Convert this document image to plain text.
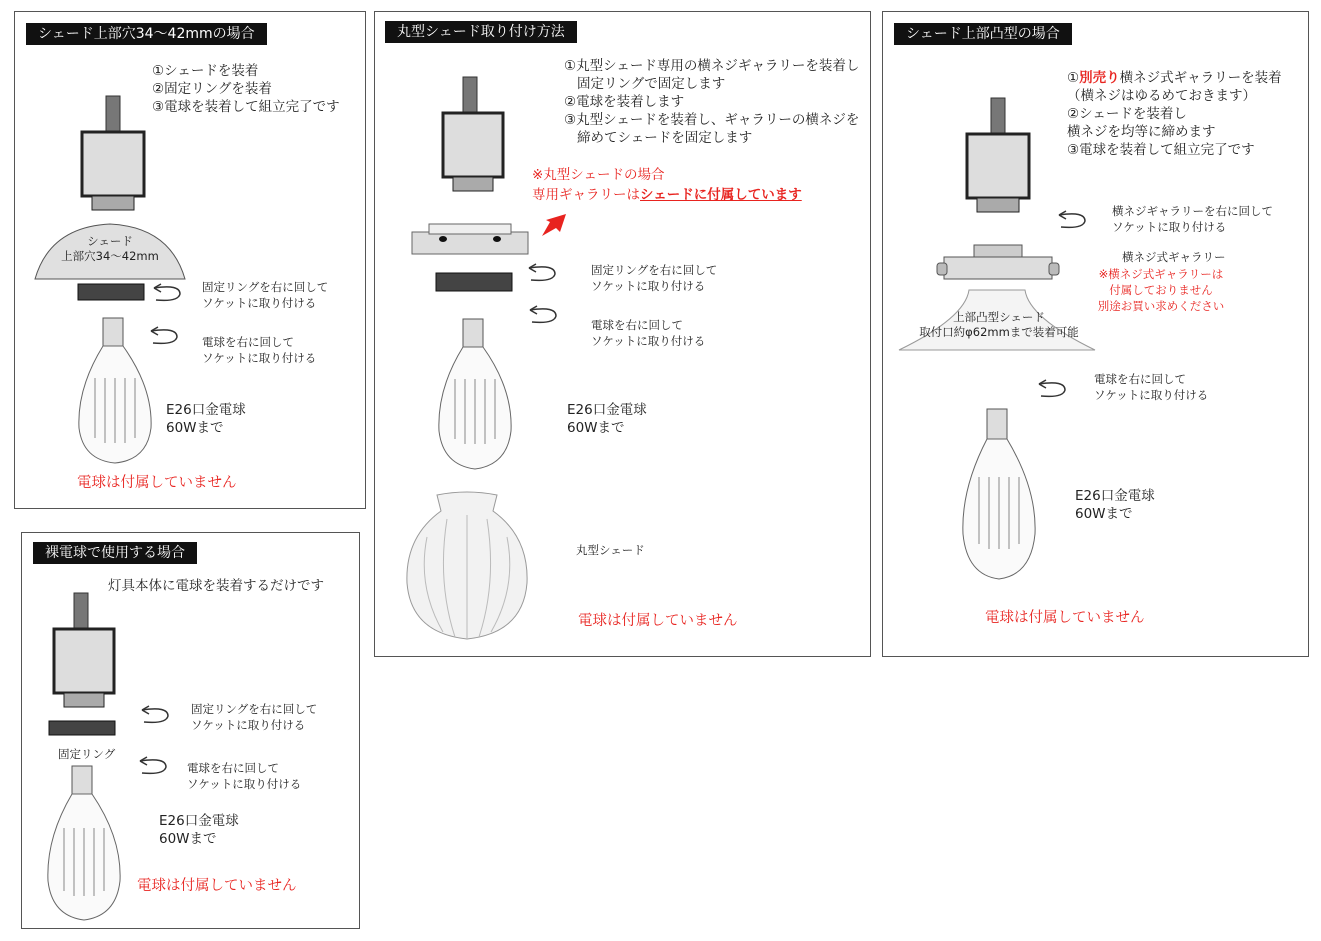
シェード上部穴34～42mmの場合
①シェードを装着
②固定リングを装着
③電球を装着して組立完了です
シェード
上部穴34～42mm
固定リングを右に回して
ソケットに取り付ける
電球を右に回して
ソケットに取り付ける
E26口金電球
60Wまで
電球は付属していません
丸型シェード取り付け方法
①丸型シェード専用の横ネジギャラリーを装着し
固定リングで固定します
②電球を装着します
③丸型シェードを装着し、ギャラリーの横ネジを
締めてシェードを固定します
※丸型シェードの場合
専用ギャラリーはシェードに付属しています
固定リングを右に回して
ソケットに取り付ける
電球を右に回して
ソケットに取り付ける
E26口金電球
60Wまで
丸型シェード
電球は付属していません
シェード上部凸型の場合
①別売り横ネジ式ギャラリーを装着
（横ネジはゆるめておきます）
②シェードを装着し
横ネジを均等に締めます
③電球を装着して組立完了です
横ネジギャラリーを右に回して
ソケットに取り付ける
横ネジ式ギャラリー
※横ネジ式ギャラリーは
付属しておりません
別途お買い求めください
上部凸型シェード
取付口約φ62mmまで装着可能
電球を右に回して
ソケットに取り付ける
E26口金電球
60Wまで
電球は付属していません
裸電球で使用する場合
灯具本体に電球を装着するだけです
固定リング
固定リングを右に回して
ソケットに取り付ける
電球を右に回して
ソケットに取り付ける
E26口金電球
60Wまで
電球は付属していません
